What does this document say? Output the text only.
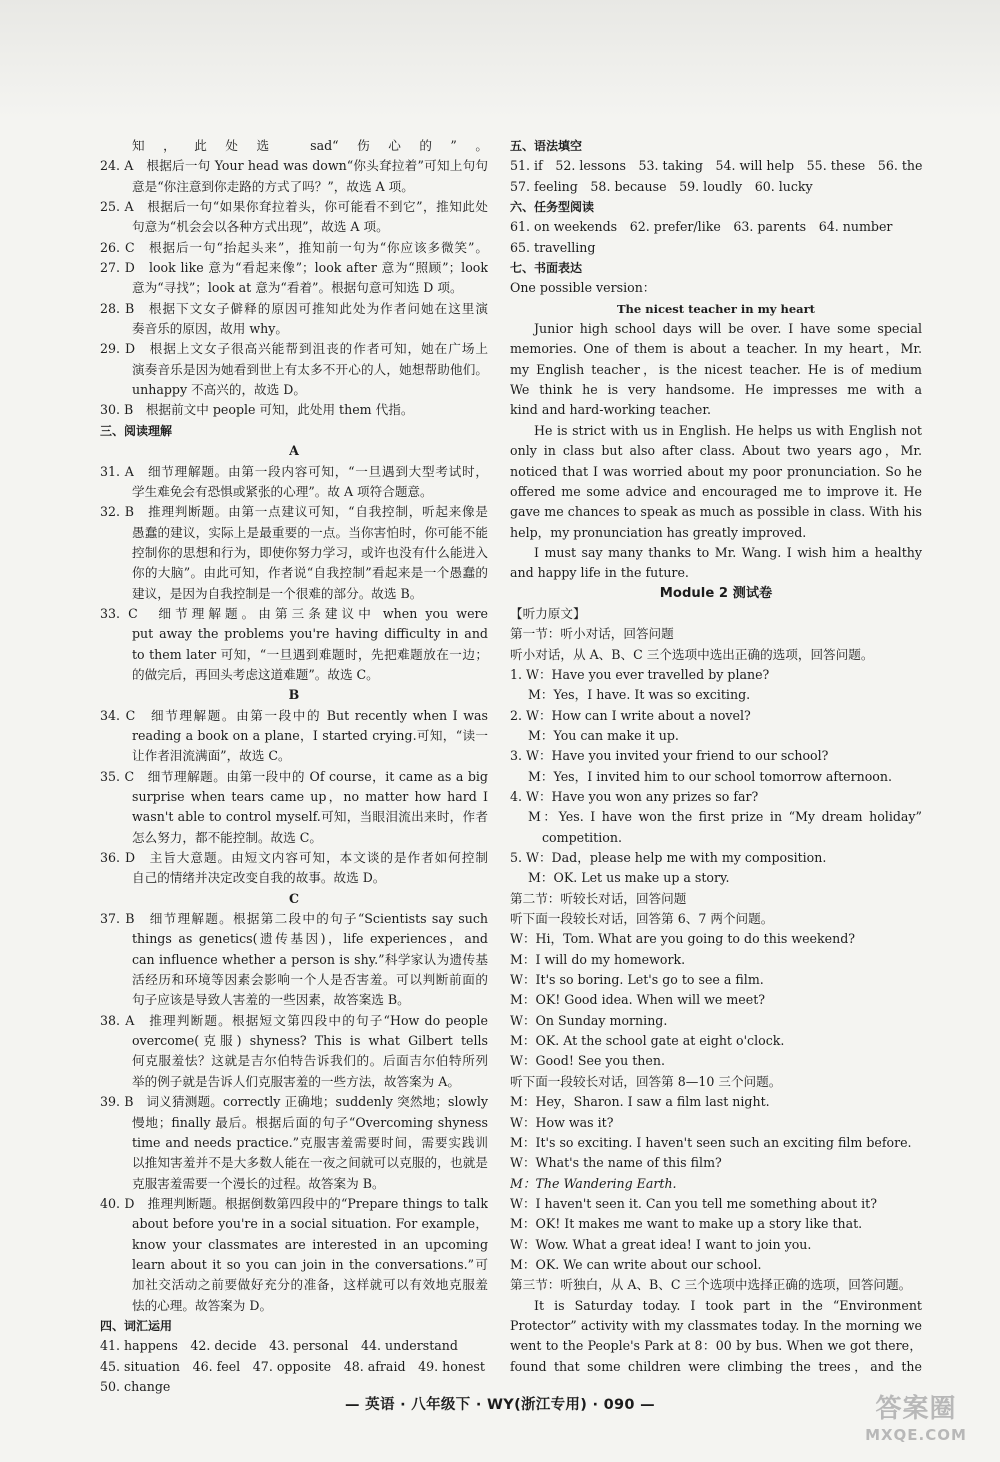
知，此处选 sad“伤心的”。
24. A　根据后一句 Your head was down“你头耷拉着”可知上句句
意是“你注意到你走路的方式了吗？”，故选 A 项。
25. A　根据后一句“如果你耷拉着头，你可能看不到它”，推知此处
句意为“机会会以各种方式出现”，故选 A 项。
26. C　根据后一句“抬起头来”，推知前一句为“你应该多微笑”。
27. D　look like 意为“看起来像”；look after 意为“照顾”；look
意为“寻找”；look at 意为“看着”。根据句意可知选 D 项。
28. B　根据下文女子僻释的原因可推知此处为作者问她在这里演
奏音乐的原因，故用 why。
29. D　根据上文女子很高兴能帮到沮丧的作者可知，她在广场上
演奏音乐是因为她看到世上有太多不开心的人，她想帮助他们。
unhappy 不高兴的，故选 D。
30. B　根据前文中 people 可知，此处用 them 代指。
三、阅读理解
A
31. A　细节理解题。由第一段内容可知，“一旦遇到大型考试时，
学生难免会有恐惧或紧张的心理”。故 A 项符合题意。
32. B　推理判断题。由第一点建议可知，“自我控制，听起来像是
愚蠢的建议，实际上是最重要的一点。当你害怕时，你可能不能
控制你的思想和行为，即使你努力学习，或许也没有什么能进入
你的大脑”。由此可知，作者说“自我控制”看起来是一个愚蠢的
建议，是因为自我控制是一个很难的部分。故选 B。
33. C　细节理解题。由第三条建议中 when you were
put away the problems you're having difficulty in and
to them later 可知，“一旦遇到难题时，先把难题放在一边；
的做完后，再回头考虑这道难题”。故选 C。
B
34. C　细节理解题。由第一段中的 But recently when I was
reading a book on a plane，I started crying.可知，“读一
让作者泪流满面”，故选 C。
35. C　细节理解题。由第一段中的 Of course，it came as a big
surprise when tears came up，no matter how hard I
wasn't able to control myself.可知，当眼泪流出来时，作者
怎么努力，都不能控制。故选 C。
36. D　主旨大意题。由短文内容可知，本文谈的是作者如何控制
自己的情绪并决定改变自我的故事。故选 D。
C
37. B　细节理解题。根据第二段中的句子“Scientists say such
things as genetics(遗传基因)，life experiences，and
can influence whether a person is shy.”科学家认为遗传基
活经历和环境等因素会影响一个人是否害羞。可以判断前面的
句子应该是导致人害羞的一些因素，故答案选 B。
38. A　推理判断题。根据短文第四段中的句子“How do people
overcome(克服) shyness? This is what Gilbert tells
何克服羞怯？这就是吉尔伯特告诉我们的。后面吉尔伯特所列
举的例子就是告诉人们克服害羞的一些方法，故答案为 A。
39. B　词义猜测题。correctly 正确地；suddenly 突然地；slowly
慢地；finally 最后。根据后面的句子“Overcoming shyness
time and needs practice.”克服害羞需要时间，需要实践训
以推知害羞并不是大多数人能在一夜之间就可以克服的，也就是
克服害羞需要一个漫长的过程。故答案为 B。
40. D　推理判断题。根据倒数第四段中的“Prepare things to talk
about before you're in a social situation. For example，
know your classmates are interested in an upcoming
learn about it so you can join in the conversations.”可
加社交活动之前要做好充分的准备，这样就可以有效地克服羞
怯的心理。故答案为 D。
四、词汇运用
41. happens　42. decide　43. personal　44. understand
45. situation　46. feel　47. opposite　48. afraid　49. honest
50. change
五、语法填空
51. if　52. lessons　53. taking　54. will help　55. these　56. the
57. feeling　58. because　59. loudly　60. lucky
六、任务型阅读
61. on weekends　62. prefer/like　63. parents　64. number
65. travelling
七、书面表达
One possible version：
The nicest teacher in my heart
Junior high school days will be over. I have some special
memories. One of them is about a teacher. In my heart，Mr.
my English teacher，is the nicest teacher. He is of medium
We think he is very handsome. He impresses me with a
kind and hard-working teacher.
He is strict with us in English. He helps us with English not
only in class but also after class. About two years ago，Mr.
noticed that I was worried about my poor pronunciation. So he
offered me some advice and encouraged me to improve it. He
gave me chances to speak as much as possible in class. With his
help，my pronunciation has greatly improved.
I must say many thanks to Mr. Wang. I wish him a healthy
and happy life in the future.
Module 2 测试卷
【听力原文】
第一节：听小对话，回答问题
听小对话，从 A、B、C 三个选项中选出正确的选项，回答问题。
1. W：Have you ever travelled by plane?
M：Yes，I have. It was so exciting.
2. W：How can I write about a novel?
M：You can make it up.
3. W：Have you invited your friend to our school?
M：Yes，I invited him to our school tomorrow afternoon.
4. W：Have you won any prizes so far?
M：Yes. I have won the first prize in “My dream holiday”
competition.
5. W：Dad，please help me with my composition.
M：OK. Let us make up a story.
第二节：听较长对话，回答问题
听下面一段较长对话，回答第 6、7 两个问题。
W：Hi，Tom. What are you going to do this weekend?
M：I will do my homework.
W：It's so boring. Let's go to see a film.
M：OK! Good idea. When will we meet?
W：On Sunday morning.
M：OK. At the school gate at eight o'clock.
W：Good! See you then.
听下面一段较长对话，回答第 8—10 三个问题。
M：Hey，Sharon. I saw a film last night.
W：How was it?
M：It's so exciting. I haven't seen such an exciting film before.
W：What's the name of this film?
M：The Wandering Earth.
W：I haven't seen it. Can you tell me something about it?
M：OK! It makes me want to make up a story like that.
W：Wow. What a great idea! I want to join you.
M：OK. We can write about our school.
第三节：听独白，从 A、B、C 三个选项中选择正确的选项，回答问题。
It is Saturday today. I took part in the “Environment
Protector” activity with my classmates today. In the morning we
went to the People's Park at 8：00 by bus. When we got there，
found that some children were climbing the trees，and the
— 英语 · 八年级下 · WY(浙江专用) · 090 —	答案圈
MXQE.COM
